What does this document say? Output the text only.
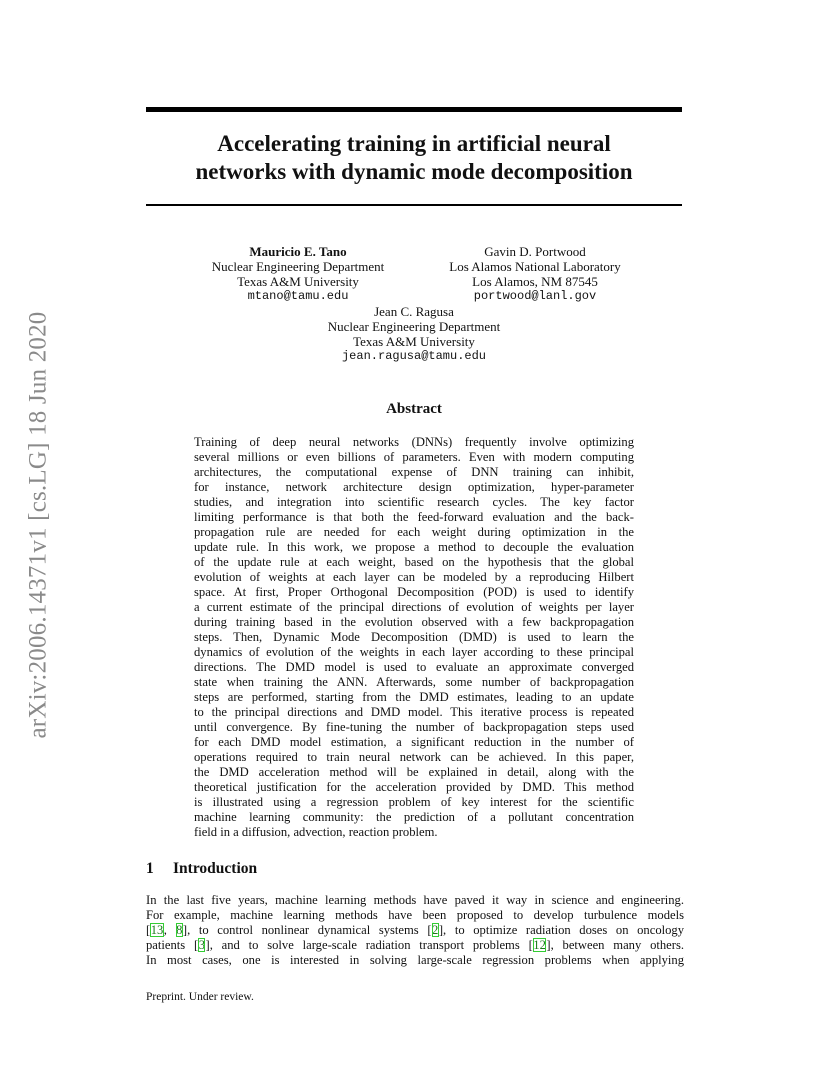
arXiv:2006.14371v1 [cs.LG] 18 Jun 2020
Accelerating training in artificial neural
networks with dynamic mode decomposition
Mauricio E. Tano
Nuclear Engineering Department
Texas A&M University
mtano@tamu.edu
Gavin D. Portwood
Los Alamos National Laboratory
Los Alamos, NM 87545
portwood@lanl.gov
Jean C. Ragusa
Nuclear Engineering Department
Texas A&M University
jean.ragusa@tamu.edu
Abstract
Training of deep neural networks (DNNs) frequently involve optimizing
several millions or even billions of parameters. Even with modern computing
architectures, the computational expense of DNN training can inhibit,
for instance, network architecture design optimization, hyper-parameter
studies, and integration into scientific research cycles. The key factor
limiting performance is that both the feed-forward evaluation and the back-
propagation rule are needed for each weight during optimization in the
update rule. In this work, we propose a method to decouple the evaluation
of the update rule at each weight, based on the hypothesis that the global
evolution of weights at each layer can be modeled by a reproducing Hilbert
space. At first, Proper Orthogonal Decomposition (POD) is used to identify
a current estimate of the principal directions of evolution of weights per layer
during training based in the evolution observed with a few backpropagation
steps. Then, Dynamic Mode Decomposition (DMD) is used to learn the
dynamics of evolution of the weights in each layer according to these principal
directions. The DMD model is used to evaluate an approximate converged
state when training the ANN. Afterwards, some number of backpropagation
steps are performed, starting from the DMD estimates, leading to an update
to the principal directions and DMD model. This iterative process is repeated
until convergence. By fine-tuning the number of backpropagation steps used
for each DMD model estimation, a significant reduction in the number of
operations required to train neural network can be achieved. In this paper,
the DMD acceleration method will be explained in detail, along with the
theoretical justification for the acceleration provided by DMD. This method
is illustrated using a regression problem of key interest for the scientific
machine learning community: the prediction of a pollutant concentration
field in a diffusion, advection, reaction problem.
1 Introduction
In the last five years, machine learning methods have paved it way in science and engineering.
For example, machine learning methods have been proposed to develop turbulence models
[13, 8], to control nonlinear dynamical systems [2], to optimize radiation doses on oncology
patients [3], and to solve large-scale radiation transport problems [12], between many others.
In most cases, one is interested in solving large-scale regression problems when applying
Preprint. Under review.
